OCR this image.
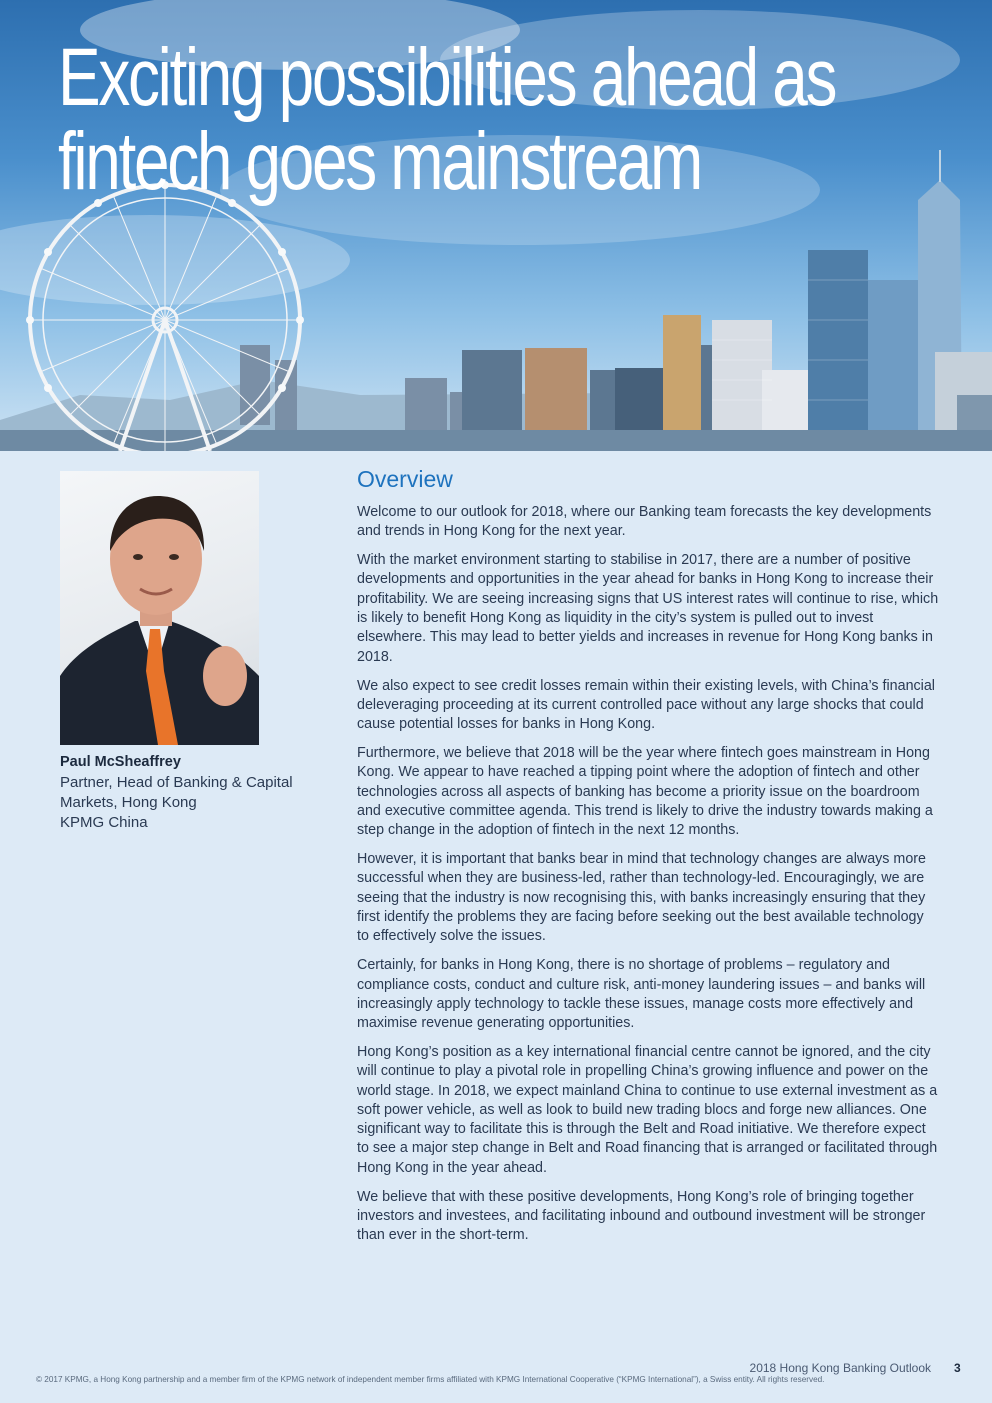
Exciting possibilities ahead as
fintech goes mainstream

Paul McSheaffrey

Partner, Head of Banking & Capital
Markets, Hong Kong
KPMG China

Overview

Welcome to our outlook for 2018, where our Banking team forecasts the key developments and trends in Hong Kong for the next year.

With the market environment starting to stabilise in 2017, there are a number of positive developments and opportunities in the year ahead for banks in Hong Kong to increase their profitability. We are seeing increasing signs that US interest rates will continue to rise, which is likely to benefit Hong Kong as liquidity in the city’s system is pulled out to invest elsewhere. This may lead to better yields and increases in revenue for Hong Kong banks in 2018.

We also expect to see credit losses remain within their existing levels, with China’s financial deleveraging proceeding at its current controlled pace without any large shocks that could cause potential losses for banks in Hong Kong.

Furthermore, we believe that 2018 will be the year where fintech goes mainstream in Hong Kong. We appear to have reached a tipping point where the adoption of fintech and other technologies across all aspects of banking has become a priority issue on the boardroom and executive committee agenda. This trend is likely to drive the industry towards making a step change in the adoption of fintech in the next 12 months.

However, it is important that banks bear in mind that technology changes are always more successful when they are business-led, rather than technology-led. Encouragingly, we are seeing that the industry is now recognising this, with banks increasingly ensuring that they first identify the problems they are facing before seeking out the best available technology to effectively solve the issues.

Certainly, for banks in Hong Kong, there is no shortage of problems – regulatory and compliance costs, conduct and culture risk, anti-money laundering issues – and banks will increasingly apply technology to tackle these issues, manage costs more effectively and maximise revenue generating opportunities.

Hong Kong’s position as a key international financial centre cannot be ignored, and the city will continue to play a pivotal role in propelling China’s growing influence and power on the world stage. In 2018, we expect mainland China to continue to use external investment as a soft power vehicle, as well as look to build new trading blocs and forge new alliances. One significant way to facilitate this is through the Belt and Road initiative. We therefore expect to see a major step change in Belt and Road financing that is arranged or facilitated through Hong Kong in the year ahead.

We believe that with these positive developments, Hong Kong’s role of bringing together investors and investees, and facilitating inbound and outbound investment will be stronger than ever in the short-term.

2018 Hong Kong Banking Outlook 3

© 2017 KPMG, a Hong Kong partnership and a member firm of the KPMG network of independent member firms affiliated with KPMG International Cooperative (“KPMG International”), a Swiss entity. All rights reserved.
